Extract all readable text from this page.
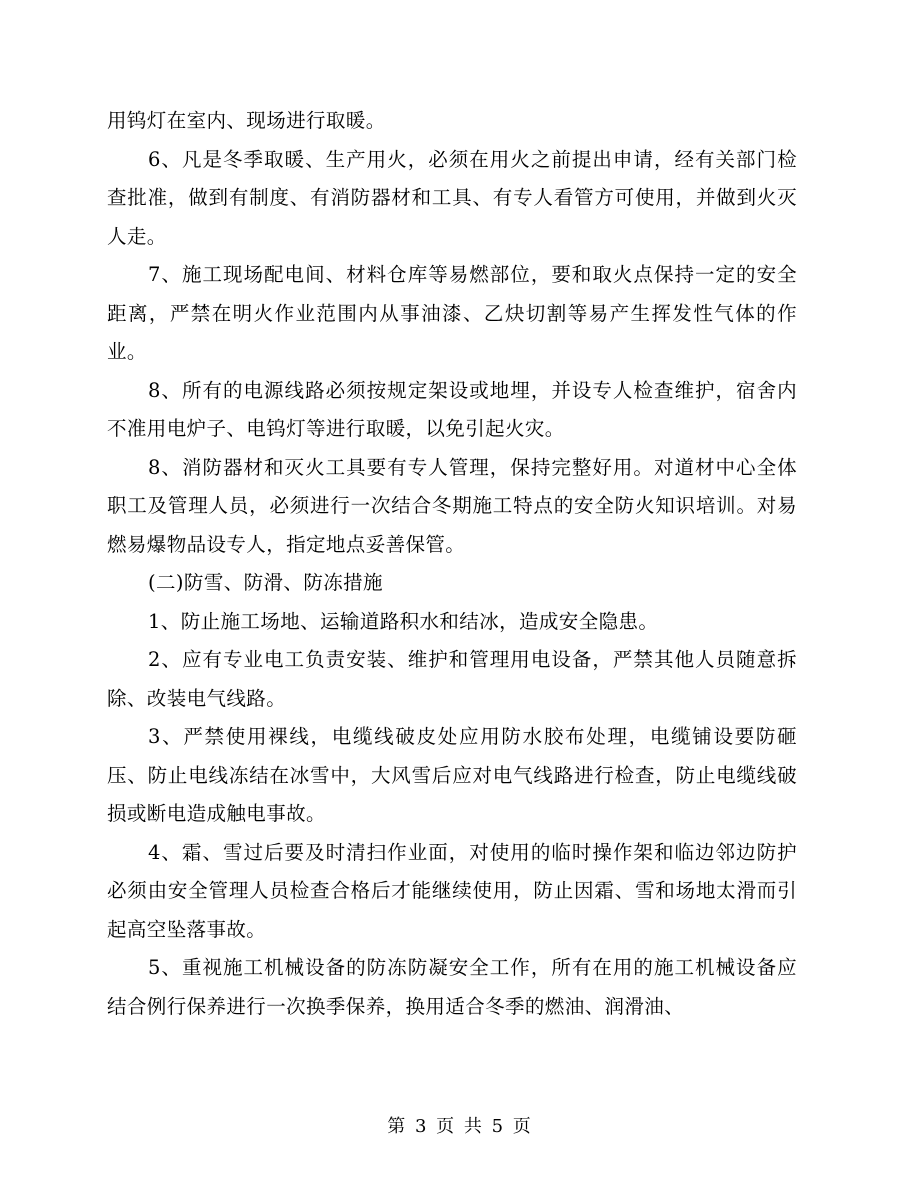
用钨灯在室内、现场进行取暖。

6、凡是冬季取暖、生产用火，必须在用火之前提出申请，经有关部门检查批准，做到有制度、有消防器材和工具、有专人看管方可使用，并做到火灭人走。

7、施工现场配电间、材料仓库等易燃部位，要和取火点保持一定的安全距离，严禁在明火作业范围内从事油漆、乙炔切割等易产生挥发性气体的作业。

8、所有的电源线路必须按规定架设或地埋，并设专人检查维护，宿舍内不准用电炉子、电钨灯等进行取暖，以免引起火灾。

8、消防器材和灭火工具要有专人管理，保持完整好用。对道材中心全体职工及管理人员，必须进行一次结合冬期施工特点的安全防火知识培训。对易燃易爆物品设专人，指定地点妥善保管。

(二)防雪、防滑、防冻措施

1、防止施工场地、运输道路积水和结冰，造成安全隐患。

2、应有专业电工负责安装、维护和管理用电设备，严禁其他人员随意拆除、改装电气线路。

3、严禁使用裸线，电缆线破皮处应用防水胶布处理，电缆铺设要防砸压、防止电线冻结在冰雪中，大风雪后应对电气线路进行检查，防止电缆线破损或断电造成触电事故。

4、霜、雪过后要及时清扫作业面，对使用的临时操作架和临边邻边防护必须由安全管理人员检查合格后才能继续使用，防止因霜、雪和场地太滑而引起高空坠落事故。

5、重视施工机械设备的防冻防凝安全工作，所有在用的施工机械设备应结合例行保养进行一次换季保养，换用适合冬季的燃油、润滑油、

第 3 页 共 5 页
